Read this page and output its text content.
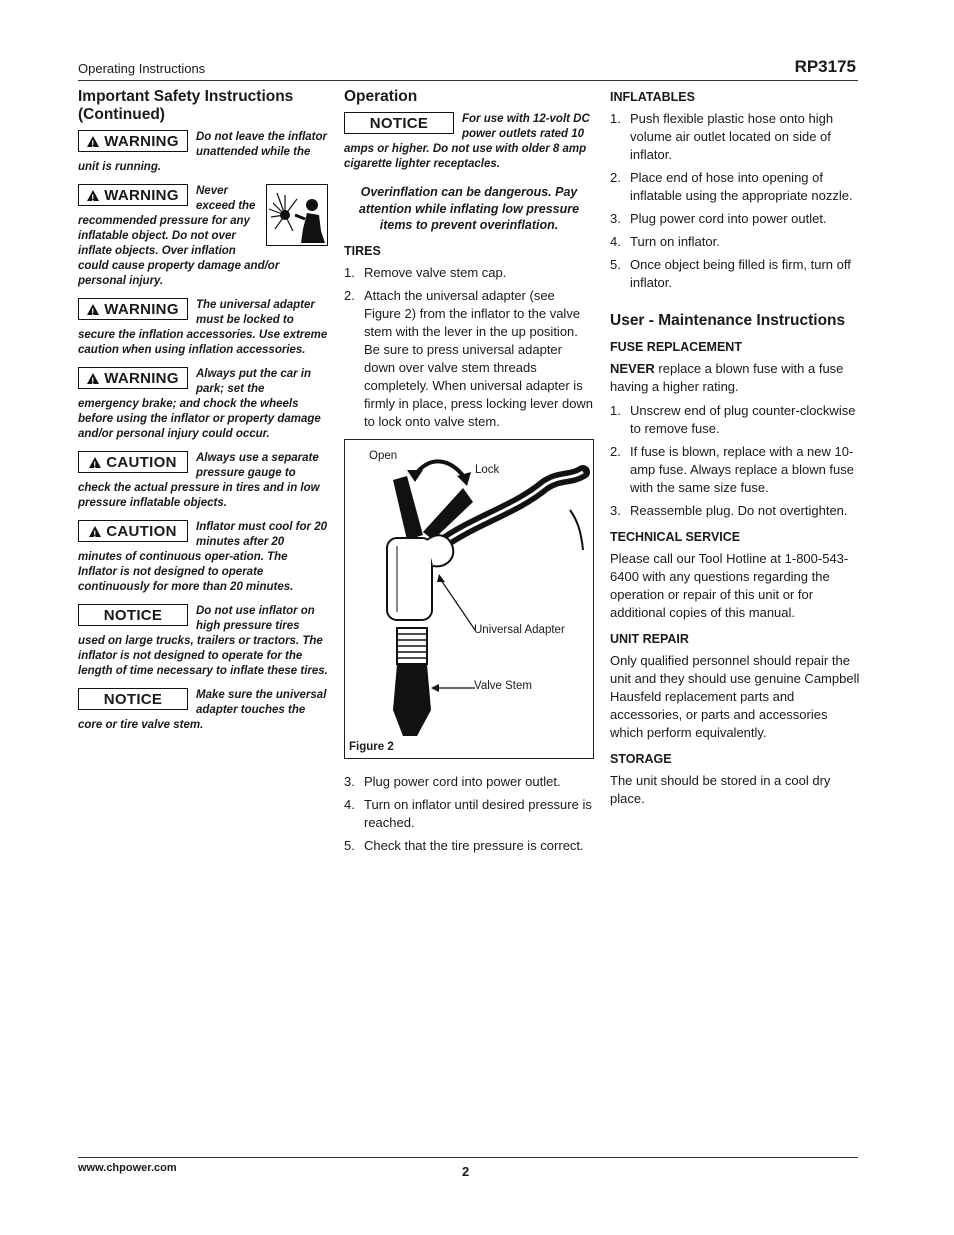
Operating Instructions	RP3175
Important Safety Instructions (Continued)
!
WARNING Do not leave the inflator unattended while the unit is running.
!
WARNING Never exceed the recommended pressure for any inflatable object. Do not over inflate objects. Over inflation could cause property damage and/or personal injury.
!
WARNING The universal adapter must be locked to secure the inflation accessories. Use extreme caution when using inflation accessories.
!
WARNING Always put the car in park; set the emergency brake; and chock the wheels before using the inflator or property damage and/or personal injury could occur.
!
CAUTION Always use a separate pressure gauge to check the actual pressure in tires and in low pressure inflatable objects.
!
CAUTION Inflator must cool for 20 minutes after 20 minutes of continuous oper-ation. The Inflator is not designed to operate continuously for more than 20 minutes.
NOTICE	Do not use inflator on high pressure tires used on large trucks, trailers or tractors. The inflator is not designed to operate for the length of time necessary to inflate these tires.
NOTICE	Make sure the universal adapter touches the core or tire valve stem.
Operation
NOTICE	For use with 12-volt DC power outlets rated 10 amps or higher. Do not use with older 8 amp cigarette lighter receptacles.
Overinflation can be dangerous. Pay attention while inflating low pressure items to prevent overinflation.
TIRES
1. Remove valve stem cap.
2. Attach the universal adapter (see Figure 2) from the inflator to the valve stem with the lever in the up position. Be sure to press universal adapter down over valve stem threads completely. When universal adapter is firmly in place, press locking lever down to lock onto valve stem.
Open
Lock
Universal Adapter
Valve Stem
Figure 2
3. Plug power cord into power outlet.
4. Turn on inflator until desired pressure is reached.
5. Check that the tire pressure is correct.
INFLATABLES
1. Push flexible plastic hose onto high volume air outlet located on side of inflator.
2. Place end of hose into opening of inflatable using the appropriate nozzle.
3. Plug power cord into power outlet.
4. Turn on inflator.
5. Once object being filled is firm, turn off inflator.
User - Maintenance Instructions
FUSE REPLACEMENT

NEVER replace a blown fuse with a fuse having a higher rating.

1. Unscrew end of plug counter-clockwise to remove fuse.
2. If fuse is blown, replace with a new 10-amp fuse. Always replace a blown fuse with the same size fuse.
3. Reassemble plug. Do not overtighten.
TECHNICAL SERVICE

Please call our Tool Hotline at 1-800-543-6400 with any questions regarding the operation or repair of this unit or for additional copies of this manual.

UNIT REPAIR

Only qualified personnel should repair the unit and they should use genuine Campbell Hausfeld replacement parts and accessories, or parts and accessories which perform equivalently.

STORAGE

The unit should be stored in a cool dry place.

www.chpower.com	2
